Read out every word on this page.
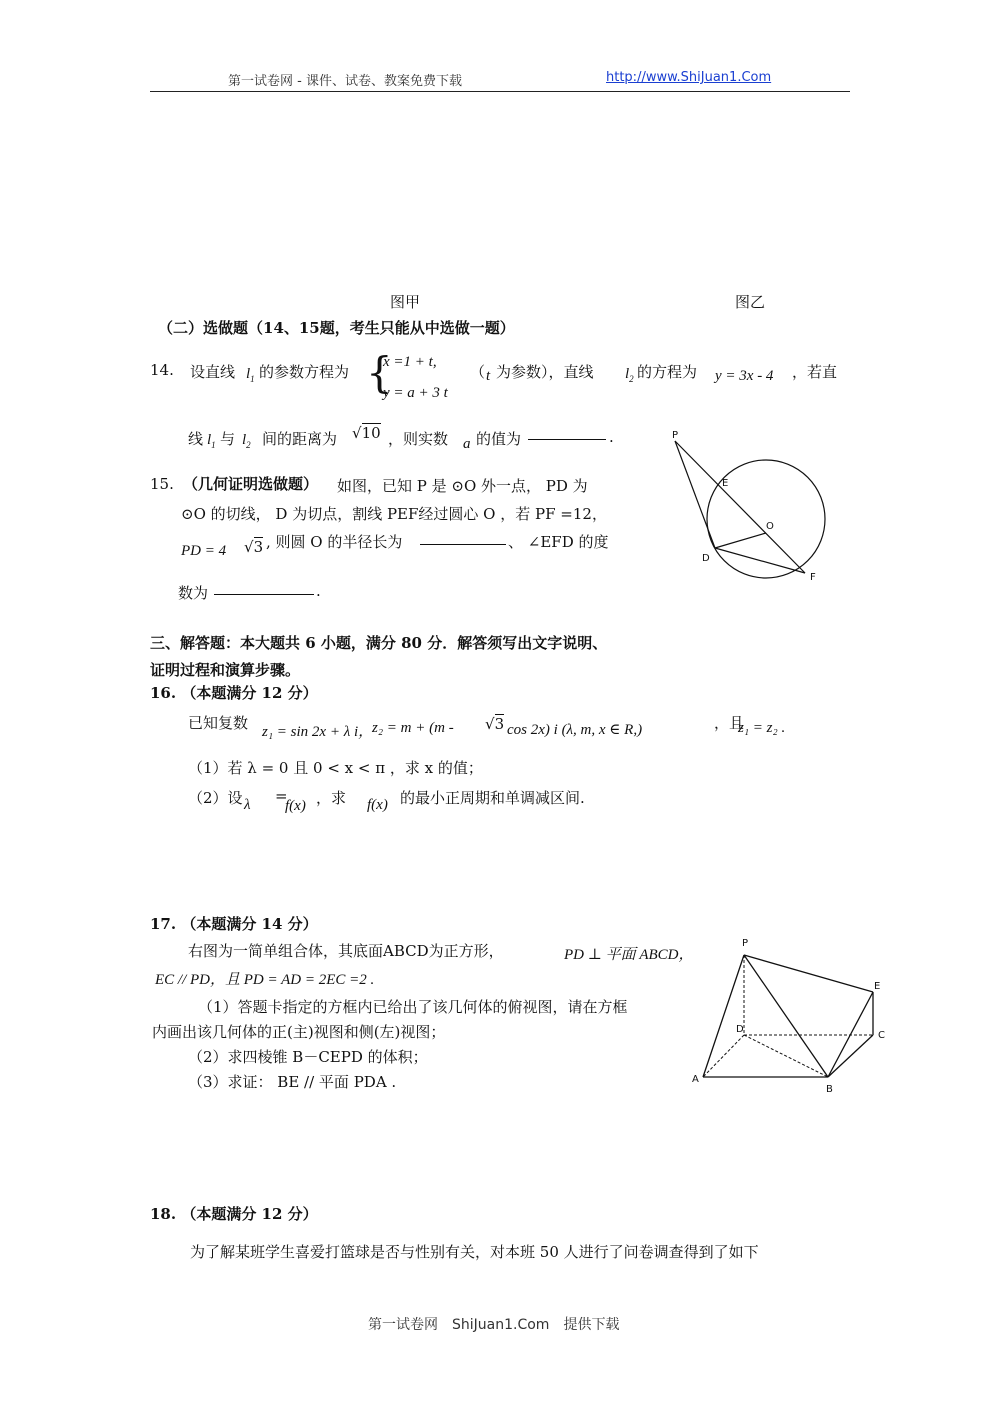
第一试卷网 - 课件、试卷、教案免费下载	http://www.ShiJuan1.Com
图甲	图乙
（二）选做题（14、15题，考生只能从中选做一题）
14. 设直线 $l_1$ 的参数方程为 {
x =1 + t,
y = a + 3 t
（ t 为参数），直线 $l_2$ 的方程为 y = 3x - 4 ，若直
线 $l_1$ 与 $l_2$ 间的距离为 √10 ，则实数 a 的值为	.
15. （几何证明选做题） 如图，已知 P 是 ⊙O 外一点， PD 为
⊙O 的切线， D 为切点，割线 PEF经过圆心 O ，若 PF =12，
PD = 4 √3 , 则圆 O 的半径长为	、 ∠EFD 的度
数为	.
P
E
O
D
F
三、解答题：本大题共 6 小题，满分 80 分．解答须写出文字说明、
证明过程和演算步骤。
16. （本题满分 12 分）
已知复数 z₁ = sin 2x + λ i，
z₂ = m + (m - √3 cos 2x) i (λ, m, x ∈ R,)	，且
z₁ = z₂ .
（1）若 λ = 0 且 0 < x < π ，求 x 的值；
（2）设 λ =
f(x) ，求 f(x) 的最小正周期和单调减区间.
17. （本题满分 14 分）
右图为一简单组合体，其底面ABCD为正方形，	PD ⊥ 平面 ABCD，
EC // PD，且 PD = AD = 2EC =2 .
（1）答题卡指定的方框内已给出了该几何体的俯视图，请在方框
内画出该几何体的正(主)视图和侧(左)视图；
（2）求四棱锥 B－CEPD 的体积；
（3）求证： BE // 平面 PDA .
P
E
D
C
A
B
18. （本题满分 12 分）
为了解某班学生喜爱打篮球是否与性别有关，对本班 50 人进行了问卷调查得到了如下
第一试卷网　ShiJuan1.Com　提供下载
